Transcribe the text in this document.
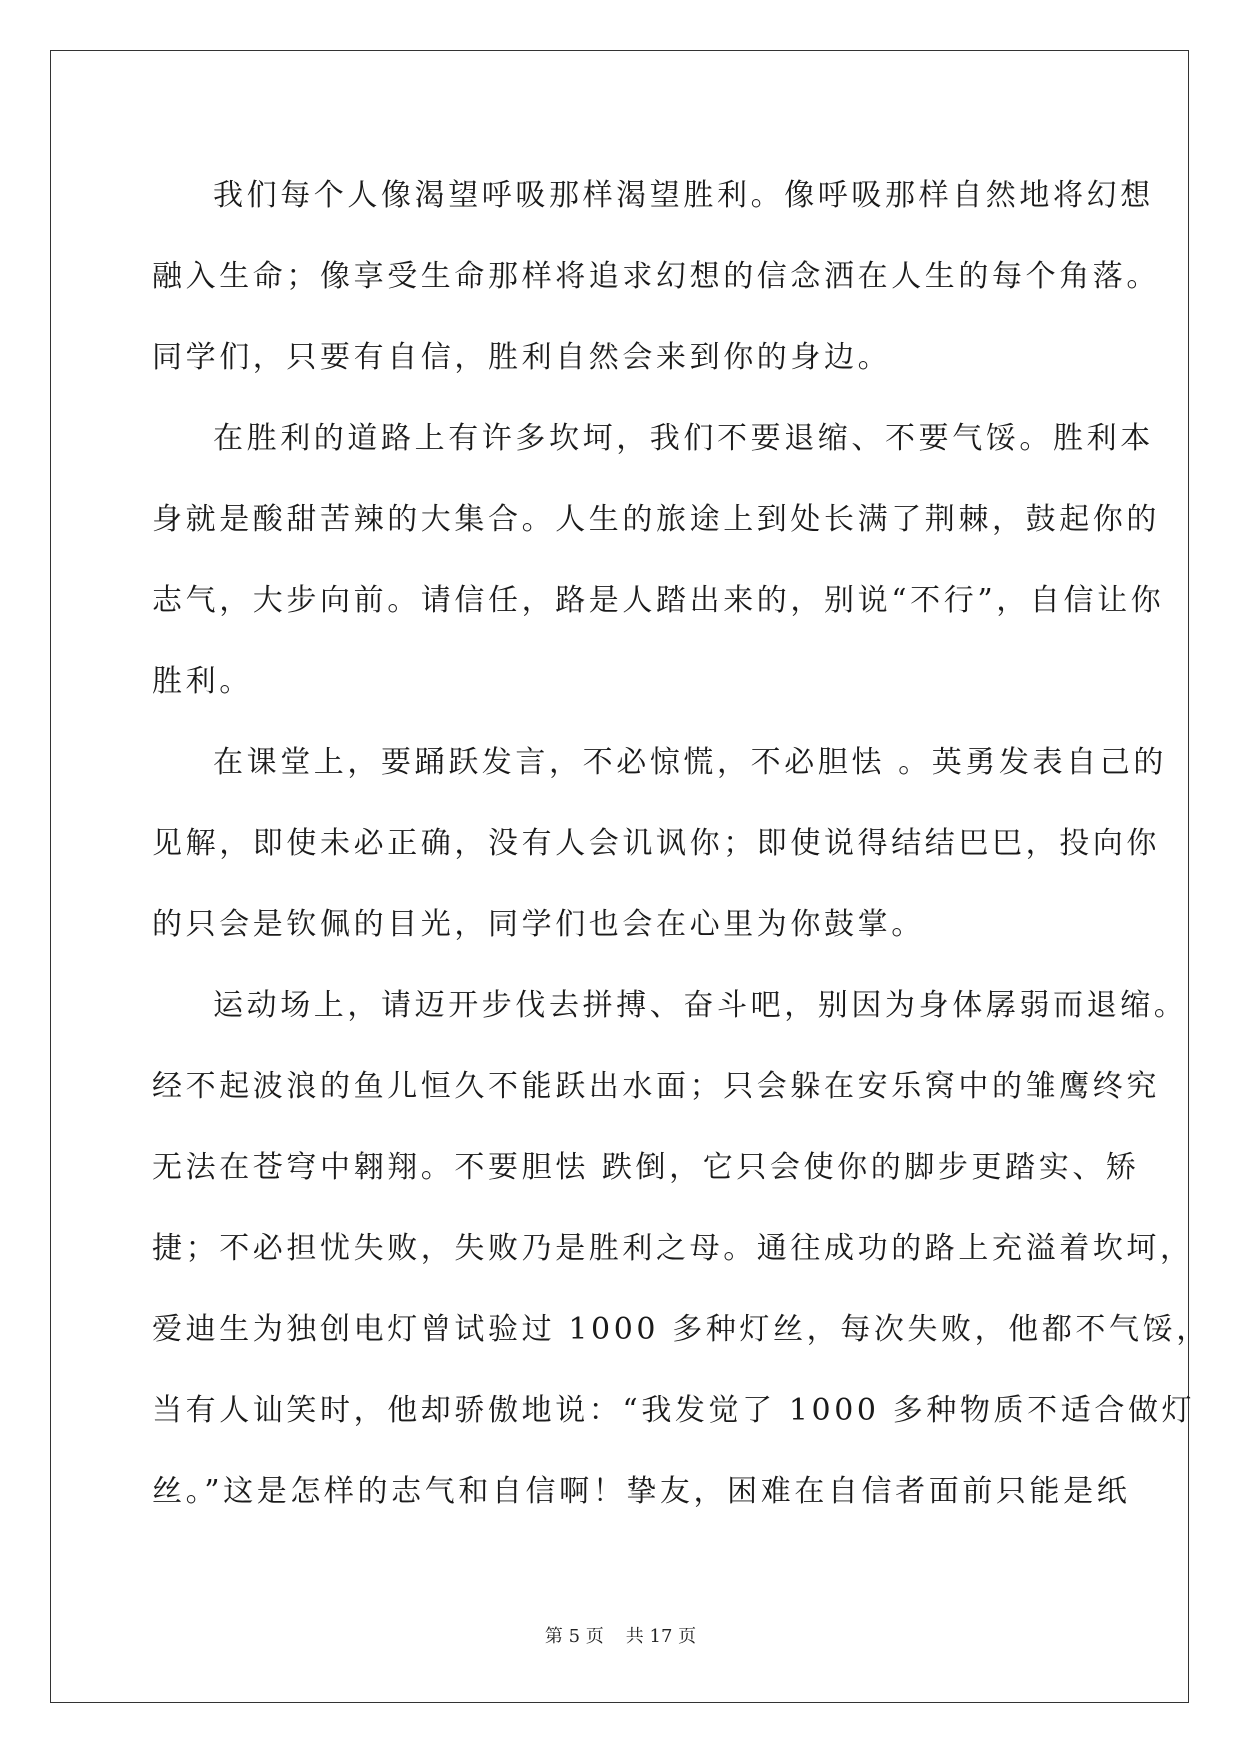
我们每个人像渴望呼吸那样渴望胜利。像呼吸那样自然地将幻想
融入生命；像享受生命那样将追求幻想的信念洒在人生的每个角落。
同学们，只要有自信，胜利自然会来到你的身边。
在胜利的道路上有许多坎坷，我们不要退缩、不要气馁。胜利本
身就是酸甜苦辣的大集合。人生的旅途上到处长满了荆棘，鼓起你的
志气，大步向前。请信任，路是人踏出来的，别说“不行”，自信让你
胜利。
在课堂上，要踊跃发言，不必惊慌，不必胆怯 。英勇发表自己的
见解，即使未必正确，没有人会讥讽你；即使说得结结巴巴，投向你
的只会是钦佩的目光，同学们也会在心里为你鼓掌。
运动场上，请迈开步伐去拼搏、奋斗吧，别因为身体孱弱而退缩。
经不起波浪的鱼儿恒久不能跃出水面；只会躲在安乐窝中的雏鹰终究
无法在苍穹中翱翔。不要胆怯 跌倒，它只会使你的脚步更踏实、矫
捷；不必担忧失败，失败乃是胜利之母。通往成功的路上充溢着坎坷，
爱迪生为独创电灯曾试验过 1000 多种灯丝，每次失败，他都不气馁，
当有人讪笑时，他却骄傲地说：“我发觉了 1000 多种物质不适合做灯
丝。”这是怎样的志气和自信啊！挚友，困难在自信者面前只能是纸
第 5 页 共 17 页
